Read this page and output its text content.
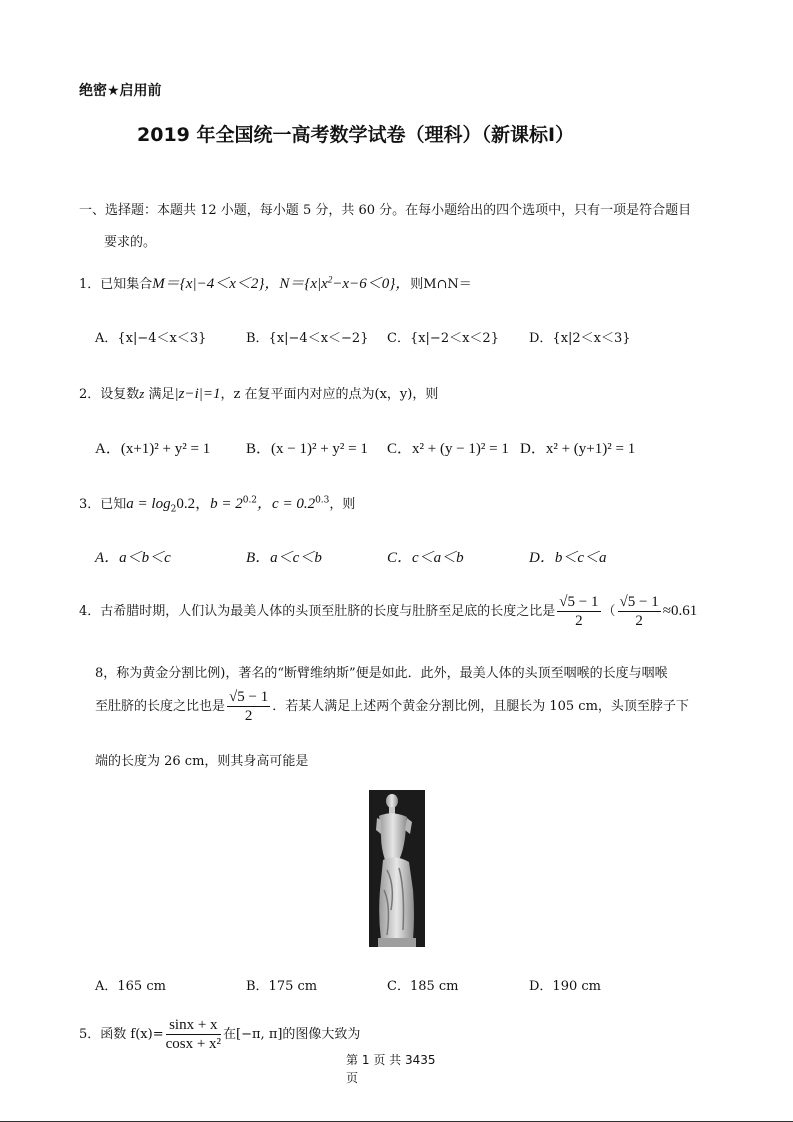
绝密★启用前
2019 年全国统一高考数学试卷（理科）（新课标Ⅰ）
一、选择题：本题共 12 小题，每小题 5 分，共 60 分。在每小题给出的四个选项中，只有一项是符合题目
要求的。
1．已知集合M＝{x|−4＜x＜2}，$N=\{x|x^2-x-6<0\}$，则M∩N＝
A．{x|−4＜x＜3}	B．{x|−4＜x＜−2} C．{x|−2＜x＜2} D．{x|2＜x＜3}
2．设复数z 满足|z−i|=1，z 在复平面内对应的点为(x，y)，则
A．(x+1)² + y² = 1 B．(x − 1)² + y² = 1 C．x² + (y − 1)² = 1 D．x² + (y+1)² = 1
3．已知$a = \log_20.2$，$b = 2^{0.2}$，$c = 0.2^{0.3}$，则
A．a＜b＜c	B．a＜c＜b	C．c＜a＜b	D．b＜c＜a
4．古希腊时期，人们认为最美人体的头顶至肚脐的长度与肚脐至足底的长度之比是 $\frac{√5 - 1}{2}$ （ $\frac{√5 - 1}{2} \approx 0.61$
8，称为黄金分割比例)，著名的“断臂维纳斯”便是如此．此外，最美人体的头顶至咽喉的长度与咽喉
至肚脐的长度之比也是 $\frac{√5 - 1}{2}$ ．若某人满足上述两个黄金分割比例，且腿长为 105 cm，头顶至脖子下
端的长度为 26 cm，则其身高可能是
A．165 cm	B．175 cm	C．185 cm	D．190 cm
5．函数 $f(x)= \frac{\sin x + x}{\text{cosx + x²}}$ 在[−π, π]的图像大致为
第 1 页 共 3435
页
